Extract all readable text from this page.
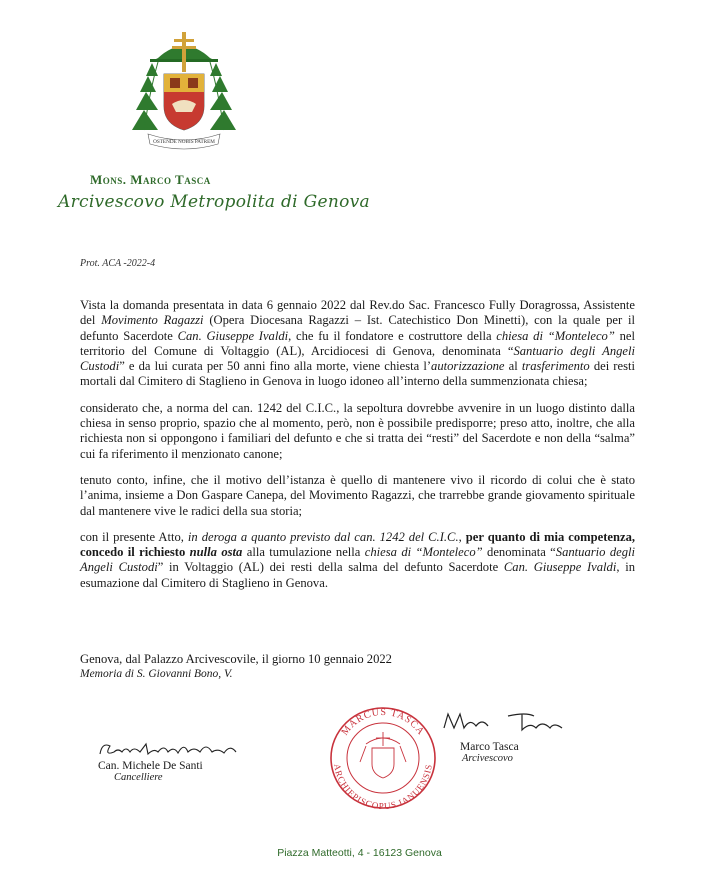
OSTENDE NOBIS PATREM
Mons. Marco Tasca
Arcivescovo Metropolita di Genova
Prot. ACA -2022-4

Vista la domanda presentata in data 6 gennaio 2022 dal Rev.do Sac. Francesco Fully Doragrossa, Assistente del Movimento Ragazzi (Opera Diocesana Ragazzi – Ist. Catechistico Don Minetti), con la quale per il defunto Sacerdote Can. Giuseppe Ivaldi, che fu il fondatore e costruttore della chiesa di “Monteleco” nel territorio del Comune di Voltaggio (AL), Arcidiocesi di Genova, denominata “Santuario degli Angeli Custodi” e da lui curata per 50 anni fino alla morte, viene chiesta l’autorizzazione al trasferimento dei resti mortali dal Cimitero di Staglieno in Genova in luogo idoneo all’interno della summenzionata chiesa;

considerato che, a norma del can. 1242 del C.I.C., la sepoltura dovrebbe avvenire in un luogo distinto dalla chiesa in senso proprio, spazio che al momento, però, non è possibile predisporre; preso atto, inoltre, che alla richiesta non si oppongono i familiari del defunto e che si tratta dei “resti” del Sacerdote e non della “salma” cui fa riferimento il menzionato canone;

tenuto conto, infine, che il motivo dell’istanza è quello di mantenere vivo il ricordo di colui che è stato l’anima, insieme a Don Gaspare Canepa, del Movimento Ragazzi, che trarrebbe grande giovamento spirituale dal mantenere vive le radici della sua storia;

con il presente Atto, in deroga a quanto previsto dal can. 1242 del C.I.C., per quanto di mia competenza, concedo il richiesto nulla osta alla tumulazione nella chiesa di “Monteleco” denominata “Santuario degli Angeli Custodi” in Voltaggio (AL) dei resti della salma del defunto Sacerdote Can. Giuseppe Ivaldi, in esumazione dal Cimitero di Staglieno in Genova.

Genova, dal Palazzo Arcivescovile, il giorno 10 gennaio 2022
Memoria di S. Giovanni Bono, V.
Can. Michele De Santi
Cancelliere
MARCUS TASCA
ARCHIEPISCOPUS IANUENSIS
Marco Tasca
Arcivescovo
Piazza Matteotti, 4 - 16123 Genova
